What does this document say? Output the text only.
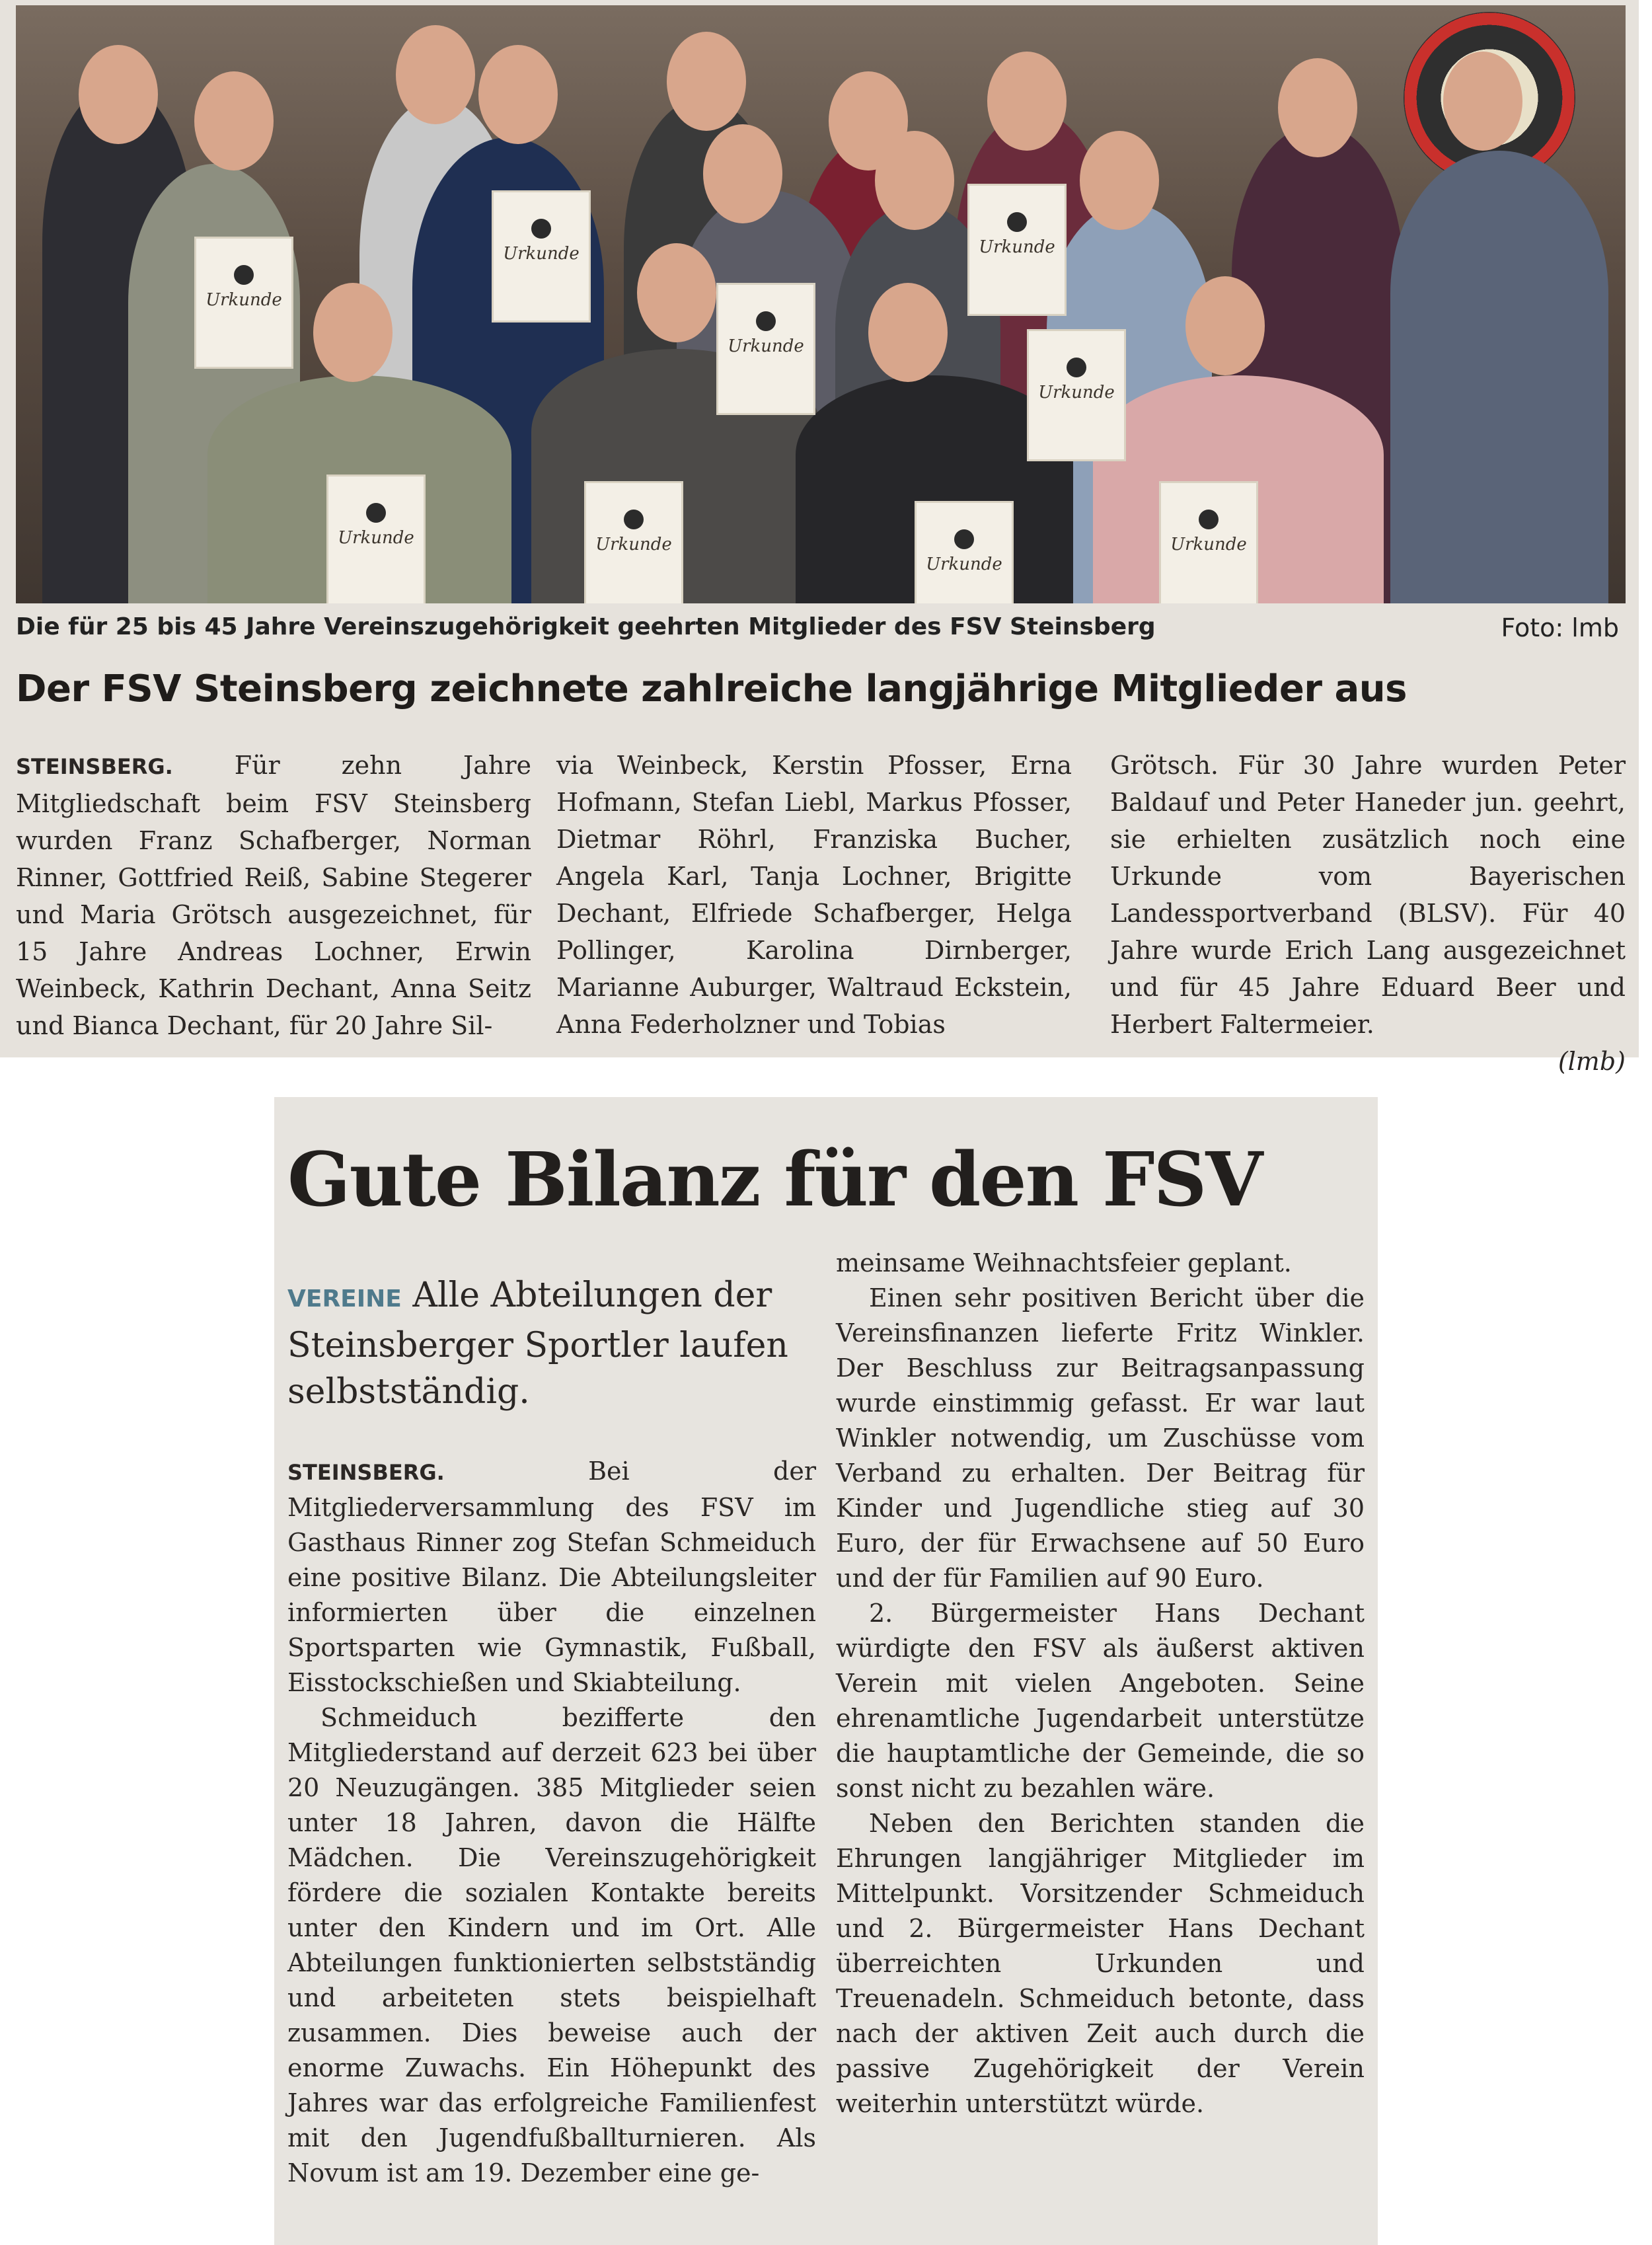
Urkunde
Urkunde
Urkunde
Urkunde
Urkunde
Urkunde	Urkunde
Urkunde
Urkunde
Die für 25 bis 45 Jahre Vereinszugehörigkeit geehrten Mitglieder des FSV Steinsberg	Foto: lmb
Der FSV Steinsberg zeichnete zahlreiche langjährige Mitglieder aus
STEINSBERG. Für zehn Jahre Mitgliedschaft beim FSV Steinsberg wurden Franz Schafberger, Norman Rinner, Gottfried Reiß, Sabine Stegerer und Maria Grötsch ausgezeichnet, für 15 Jahre Andreas Lochner, Erwin Weinbeck, Kathrin Dechant, Anna Seitz und Bianca Dechant, für 20 Jahre Sil-
via Weinbeck, Kerstin Pfosser, Erna Hofmann, Stefan Liebl, Markus Pfosser, Dietmar Röhrl, Franziska Bucher, Angela Karl, Tanja Lochner, Brigitte Dechant, Elfriede Schafberger, Helga Pollinger, Karolina Dirnberger, Marianne Auburger, Waltraud Eckstein, Anna Federholzner und Tobias
Grötsch. Für 30 Jahre wurden Peter Baldauf und Peter Haneder jun. geehrt, sie erhielten zusätzlich noch eine Urkunde vom Bayerischen Landessportverband (BLSV). Für 40 Jahre wurde Erich Lang ausgezeichnet und für 45 Jahre Eduard Beer und Herbert Faltermeier.
(lmb)
Gute Bilanz für den FSV
VEREINE Alle Abteilungen der Steinsberger Sportler laufen selbstständig.

STEINSBERG.	Bei der Mitgliederversammlung des FSV im Gasthaus Rinner zog Stefan Schmeiduch eine positive Bilanz. Die Abteilungsleiter informierten über die einzelnen Sportsparten wie Gymnastik, Fußball, Eisstockschießen und Skiabteilung.

Schmeiduch bezifferte den Mitgliederstand auf derzeit 623 bei über 20 Neuzugängen. 385 Mitglieder seien unter 18 Jahren, davon die Hälfte Mädchen. Die Vereinszugehörigkeit fördere die sozialen Kontakte bereits unter den Kindern und im Ort. Alle Abteilungen funktionierten selbstständig und arbeiteten stets beispielhaft zusammen. Dies beweise auch der enorme Zuwachs. Ein Höhepunkt des Jahres war das erfolgreiche Familienfest mit den Jugendfußballturnieren. Als Novum ist am 19. Dezember eine ge-

meinsame Weihnachtsfeier geplant.

Einen sehr positiven Bericht über die Vereinsfinanzen lieferte Fritz Winkler. Der Beschluss zur Beitragsanpassung wurde einstimmig gefasst. Er war laut Winkler notwendig, um Zuschüsse vom Verband zu erhalten. Der Beitrag für Kinder und Jugendliche stieg auf 30 Euro, der für Erwachsene auf 50 Euro und der für Familien auf 90 Euro.

2. Bürgermeister Hans Dechant würdigte den FSV als äußerst aktiven Verein mit vielen Angeboten. Seine ehrenamtliche Jugendarbeit unterstütze die hauptamtliche der Gemeinde, die so sonst nicht zu bezahlen wäre.

Neben den Berichten standen die Ehrungen langjähriger Mitglieder im Mittelpunkt. Vorsitzender Schmeiduch und 2. Bürgermeister Hans Dechant überreichten Urkunden und Treuenadeln. Schmeiduch betonte, dass nach der aktiven Zeit auch durch die passive Zugehörigkeit der Verein weiterhin unterstützt würde.
